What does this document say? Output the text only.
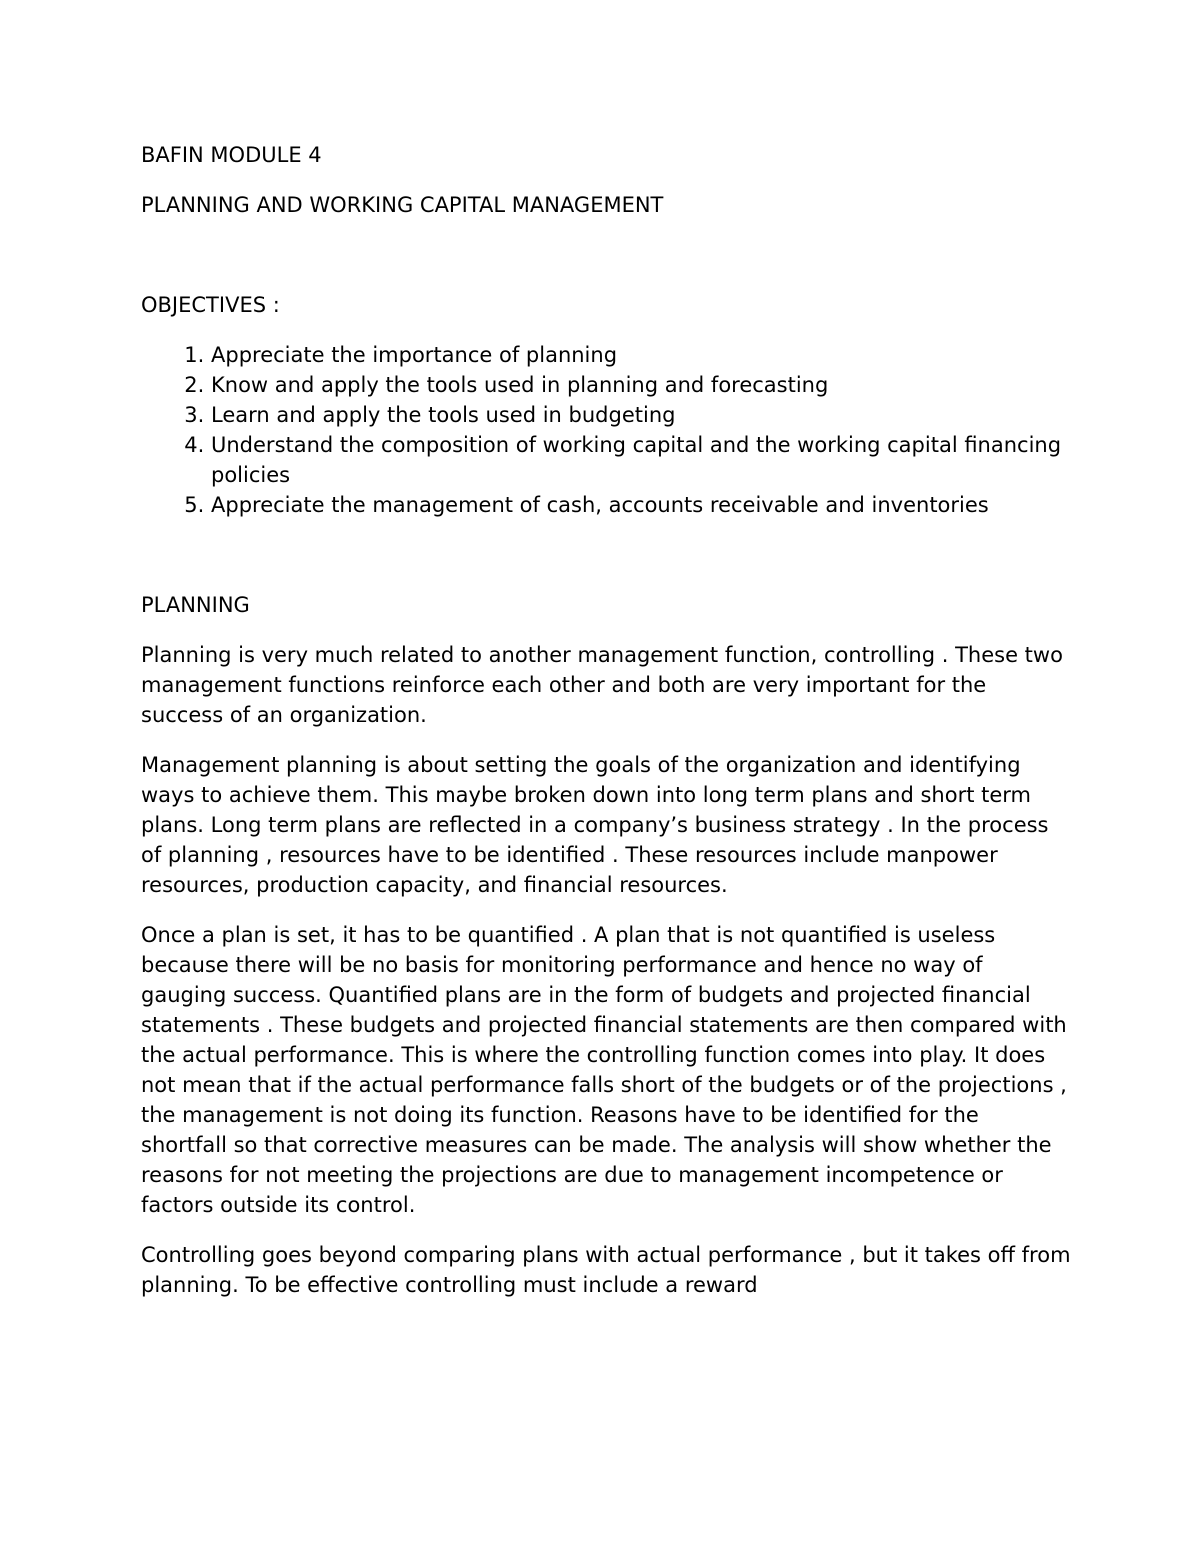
BAFIN MODULE 4

PLANNING AND WORKING CAPITAL MANAGEMENT

OBJECTIVES :

1. Appreciate the importance of planning
2. Know and apply the tools used in planning and forecasting
3. Learn and apply the tools used in budgeting
4. Understand the composition of working capital and the working capital financing policies
5. Appreciate the management of cash, accounts receivable and inventories

PLANNING

Planning is very much related to another management function, controlling . These two management functions reinforce each other and both are very important for the success of an organization.

Management planning is about setting the goals of the organization and identifying ways to achieve them. This maybe broken down into long term plans and short term plans. Long term plans are reflected in a company’s business strategy . In the process of planning , resources have to be identified . These resources include manpower resources, production capacity, and financial resources.

Once a plan is set, it has to be quantified . A plan that is not quantified is useless because there will be no basis for monitoring performance and hence no way of gauging success. Quantified plans are in the form of budgets and projected financial statements . These budgets and projected financial statements are then compared with the actual performance. This is where the controlling function comes into play. It does not mean that if the actual performance falls short of the budgets or of the projections , the management is not doing its function. Reasons have to be identified for the shortfall so that corrective measures can be made. The analysis will show whether the reasons for not meeting the projections are due to management incompetence or factors outside its control.

Controlling goes beyond comparing plans with actual performance , but it takes off from planning. To be effective controlling must include a reward
